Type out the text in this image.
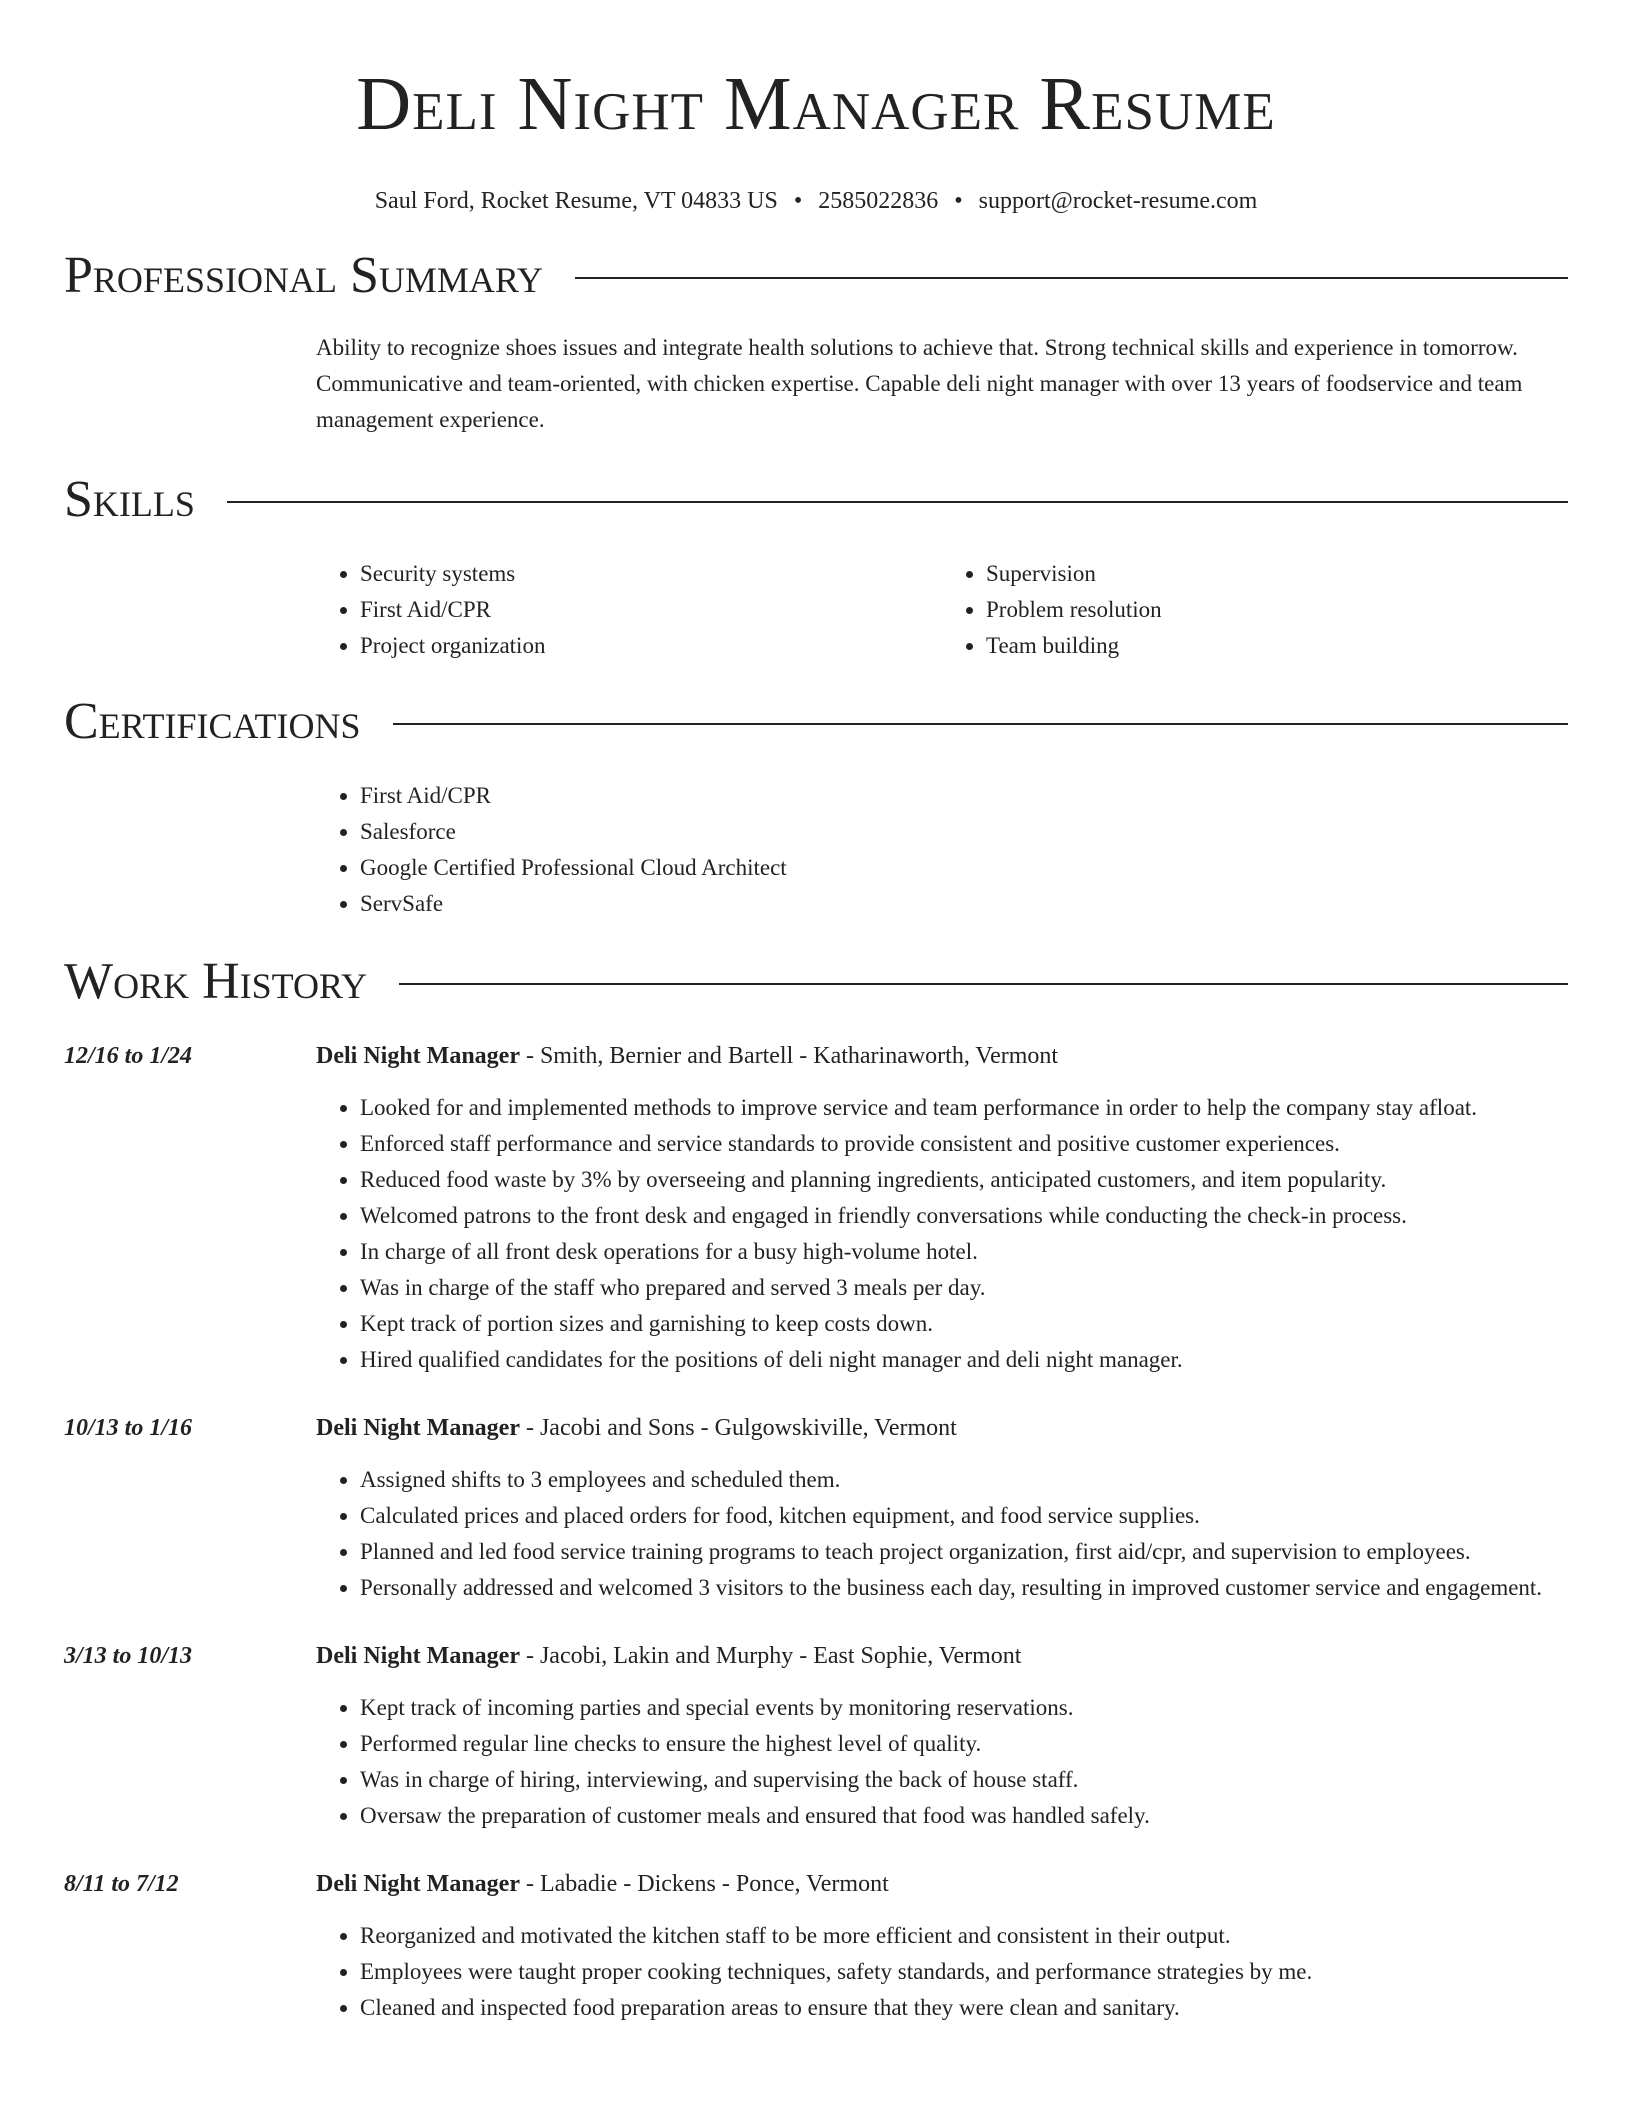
Deli Night Manager Resume
Saul Ford, Rocket Resume, VT 04833 US • 2585022836 • support@rocket-resume.com
Professional Summary
Ability to recognize shoes issues and integrate health solutions to achieve that. Strong technical skills and experience in tomorrow. Communicative and team-oriented, with chicken expertise. Capable deli night manager with over 13 years of foodservice and team management experience.
Skills
• Security systems
• First Aid/CPR
• Project organization
• Supervision
• Problem resolution
• Team building
Certifications
• First Aid/CPR
• Salesforce
• Google Certified Professional Cloud Architect
• ServSafe
Work History
12/16 to 1/24	Deli Night Manager - Smith, Bernier and Bartell - Katharinaworth, Vermont
• Looked for and implemented methods to improve service and team performance in order to help the company stay afloat.
• Enforced staff performance and service standards to provide consistent and positive customer experiences.
• Reduced food waste by 3% by overseeing and planning ingredients, anticipated customers, and item popularity.
• Welcomed patrons to the front desk and engaged in friendly conversations while conducting the check-in process.
• In charge of all front desk operations for a busy high-volume hotel.
• Was in charge of the staff who prepared and served 3 meals per day.
• Kept track of portion sizes and garnishing to keep costs down.
• Hired qualified candidates for the positions of deli night manager and deli night manager.
10/13 to 1/16	Deli Night Manager - Jacobi and Sons - Gulgowskiville, Vermont
• Assigned shifts to 3 employees and scheduled them.
• Calculated prices and placed orders for food, kitchen equipment, and food service supplies.
• Planned and led food service training programs to teach project organization, first aid/cpr, and supervision to employees.
• Personally addressed and welcomed 3 visitors to the business each day, resulting in improved customer service and engagement.
3/13 to 10/13	Deli Night Manager - Jacobi, Lakin and Murphy - East Sophie, Vermont
• Kept track of incoming parties and special events by monitoring reservations.
• Performed regular line checks to ensure the highest level of quality.
• Was in charge of hiring, interviewing, and supervising the back of house staff.
• Oversaw the preparation of customer meals and ensured that food was handled safely.
8/11 to 7/12	Deli Night Manager - Labadie - Dickens - Ponce, Vermont
• Reorganized and motivated the kitchen staff to be more efficient and consistent in their output.
• Employees were taught proper cooking techniques, safety standards, and performance strategies by me.
• Cleaned and inspected food preparation areas to ensure that they were clean and sanitary.
